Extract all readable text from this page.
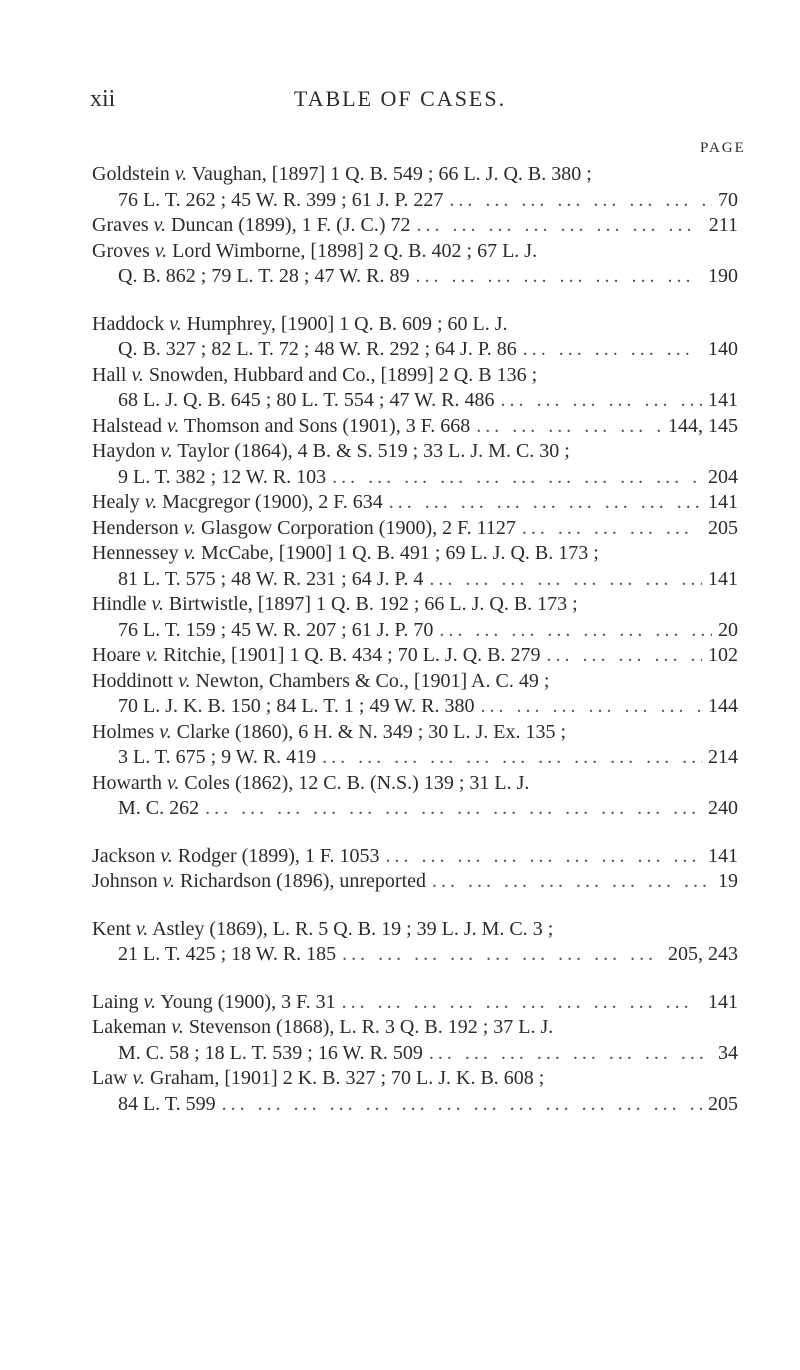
xii	TABLE OF CASES.
PAGE
Goldstein v. Vaughan, [1897] 1 Q. B. 549 ; 66 L. J. Q. B. 380 ;
76 L. T. 262 ; 45 W. R. 399 ; 61 J. P. 227 ... .	70
Graves v. Duncan (1899), 1 F. (J. C.) 72 ... .	211
Groves v. Lord Wimborne, [1898] 2 Q. B. 402 ; 67 L. J.
Q. B. 862 ; 79 L. T. 28 ; 47 W. R. 89 ... .	190
Haddock v. Humphrey, [1900] 1 Q. B. 609 ; 60 L. J.
Q. B. 327 ; 82 L. T. 72 ; 48 W. R. 292 ; 64 J. P. 86 ... .	140
Hall v. Snowden, Hubbard and Co., [1899] 2 Q. B 136 ;
68 L. J. Q. B. 645 ; 80 L. T. 554 ; 47 W. R. 486 ... .	141
Halstead v. Thomson and Sons (1901), 3 F. 668 ... .	144, 145
Haydon v. Taylor (1864), 4 B. & S. 519 ; 33 L. J. M. C. 30 ;
9 L. T. 382 ; 12 W. R. 103 ... .	204
Healy v. Macgregor (1900), 2 F. 634 ... .	141
Henderson v. Glasgow Corporation (1900), 2 F. 1127 ... .	205
Hennessey v. McCabe, [1900] 1 Q. B. 491 ; 69 L. J. Q. B. 173 ;
81 L. T. 575 ; 48 W. R. 231 ; 64 J. P. 4 ... .	141
Hindle v. Birtwistle, [1897] 1 Q. B. 192 ; 66 L. J. Q. B. 173 ;
76 L. T. 159 ; 45 W. R. 207 ; 61 J. P. 70 ... .	20
Hoare v. Ritchie, [1901] 1 Q. B. 434 ; 70 L. J. Q. B. 279 ... .	102
Hoddinott v. Newton, Chambers & Co., [1901] A. C. 49 ;
70 L. J. K. B. 150 ; 84 L. T. 1 ; 49 W. R. 380 ... .	144
Holmes v. Clarke (1860), 6 H. & N. 349 ; 30 L. J. Ex. 135 ;
3 L. T. 675 ; 9 W. R. 419 ... .	214
Howarth v. Coles (1862), 12 C. B. (N.S.) 139 ; 31 L. J.
M. C. 262 ... .	240
Jackson v. Rodger (1899), 1 F. 1053 ... .	141
Johnson v. Richardson (1896), unreported ... .	19
Kent v. Astley (1869), L. R. 5 Q. B. 19 ; 39 L. J. M. C. 3 ;
21 L. T. 425 ; 18 W. R. 185 ... .	205, 243
Laing v. Young (1900), 3 F. 31 ... .	141
Lakeman v. Stevenson (1868), L. R. 3 Q. B. 192 ; 37 L. J.
M. C. 58 ; 18 L. T. 539 ; 16 W. R. 509 ... .	34
Law v. Graham, [1901] 2 K. B. 327 ; 70 L. J. K. B. 608 ;
84 L. T. 599 ... .	205
